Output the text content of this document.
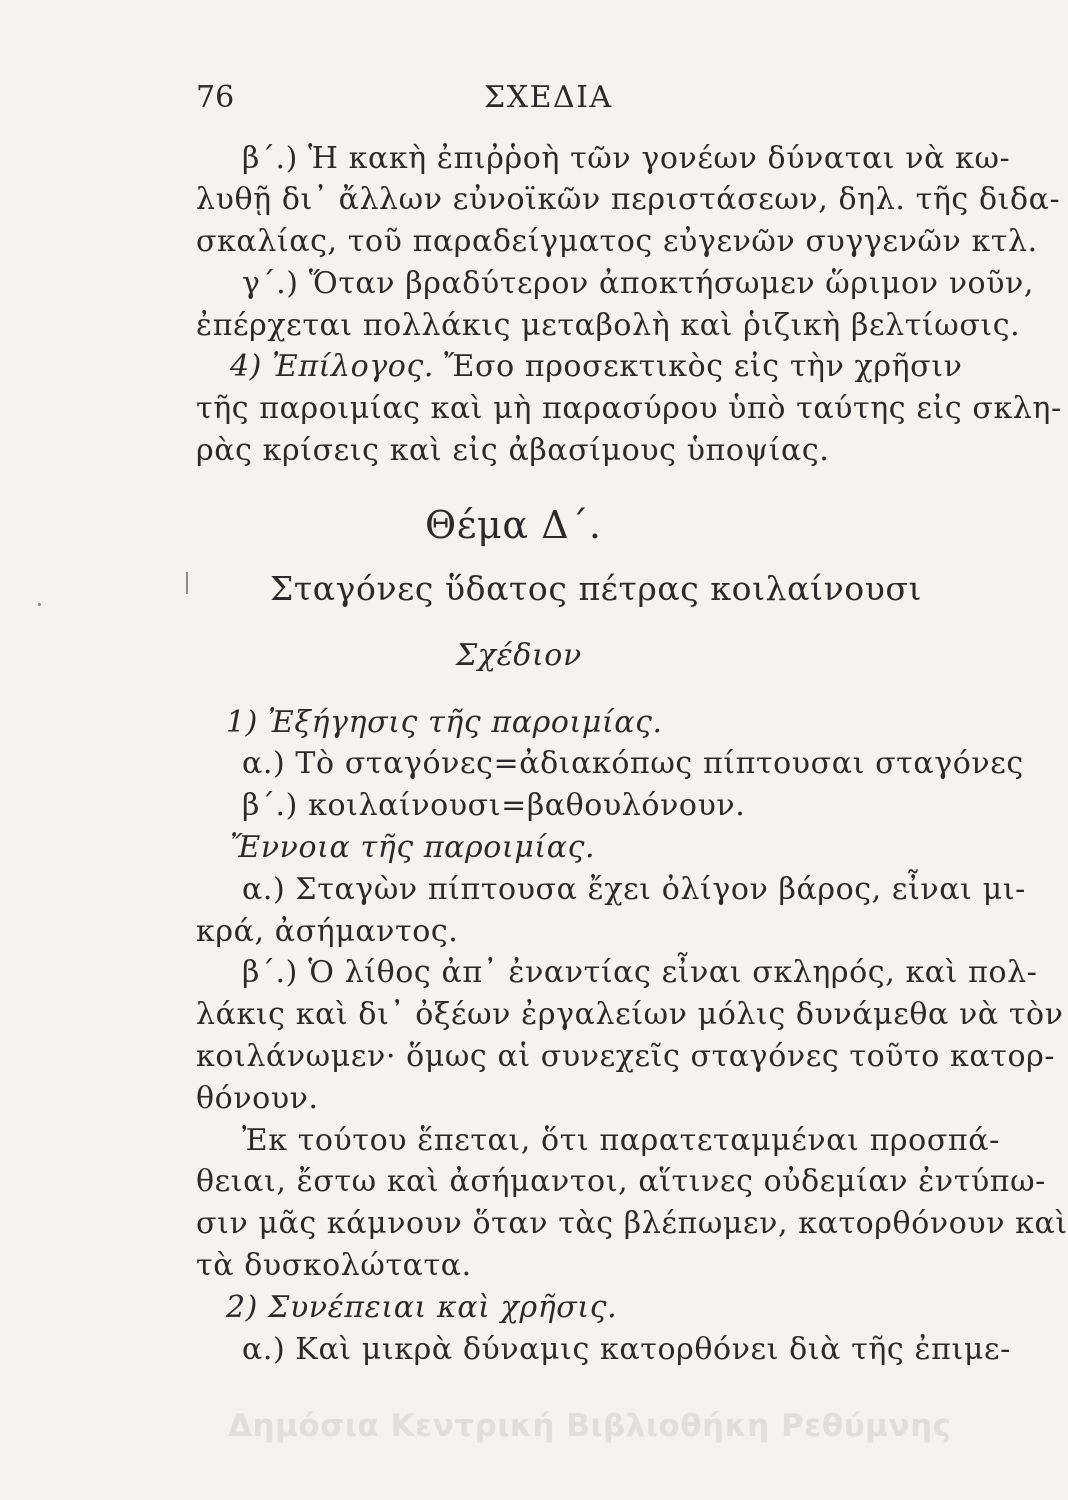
76	ΣΧΕΔΙΑ
β΄.) Ἡ κακὴ ἐπιῤῥοὴ τῶν γονέων δύναται νὰ κω-
λυθῇ δι᾽ ἄλλων εὐνοϊκῶν περιστάσεων, δηλ. τῆς διδα-
σκαλίας, τοῦ παραδείγματος εὐγενῶν συγγενῶν κτλ.
γ΄.) Ὅταν βραδύτερον ἀποκτήσωμεν ὥριμον νοῦν,
ἐπέρχεται πολλάκις μεταβολὴ καὶ ῥιζικὴ βελτίωσις.
4) Ἐπίλογος. Ἔσο προσεκτικὸς εἰς τὴν χρῆσιν
τῆς παροιμίας καὶ μὴ παρασύρου ὑπὸ ταύτης εἰς σκλη-
ρὰς κρίσεις καὶ εἰς ἀβασίμους ὑποψίας.
Θέμα Δ΄.
Σταγόνες ὕδατος πέτρας κοιλαίνουσι
Σχέδιον
1) Ἐξήγησις τῆς παροιμίας.
α.) Τὸ σταγόνες=ἀδιακόπως πίπτουσαι σταγόνες
β΄.) κοιλαίνουσι=βαθουλόνουν.
Ἔννοια τῆς παροιμίας.
α.) Σταγὼν πίπτουσα ἔχει ὀλίγον βάρος, εἶναι μι-
κρά, ἀσήμαντος.
β΄.) Ὁ λίθος ἀπ᾽ ἐναντίας εἶναι σκληρός, καὶ πολ-
λάκις καὶ δι᾽ ὀξέων ἐργαλείων μόλις δυνάμεθα νὰ τὸν
κοιλάνωμεν· ὅμως αἱ συνεχεῖς σταγόνες τοῦτο κατορ-
θόνουν.
Ἐκ τούτου ἕπεται, ὅτι παρατεταμμέναι προσπά-
θειαι, ἔστω καὶ ἀσήμαντοι, αἵτινες οὐδεμίαν ἐντύπω-
σιν μᾶς κάμνουν ὅταν τὰς βλέπωμεν, κατορθόνουν καὶ
τὰ δυσκολώτατα.
2) Συνέπειαι καὶ χρῆσις.
α.) Καὶ μικρὰ δύναμις κατορθόνει διὰ τῆς ἐπιμε-
Δημόσια Κεντρική Βιβλιοθήκη Ρεθύμνης
